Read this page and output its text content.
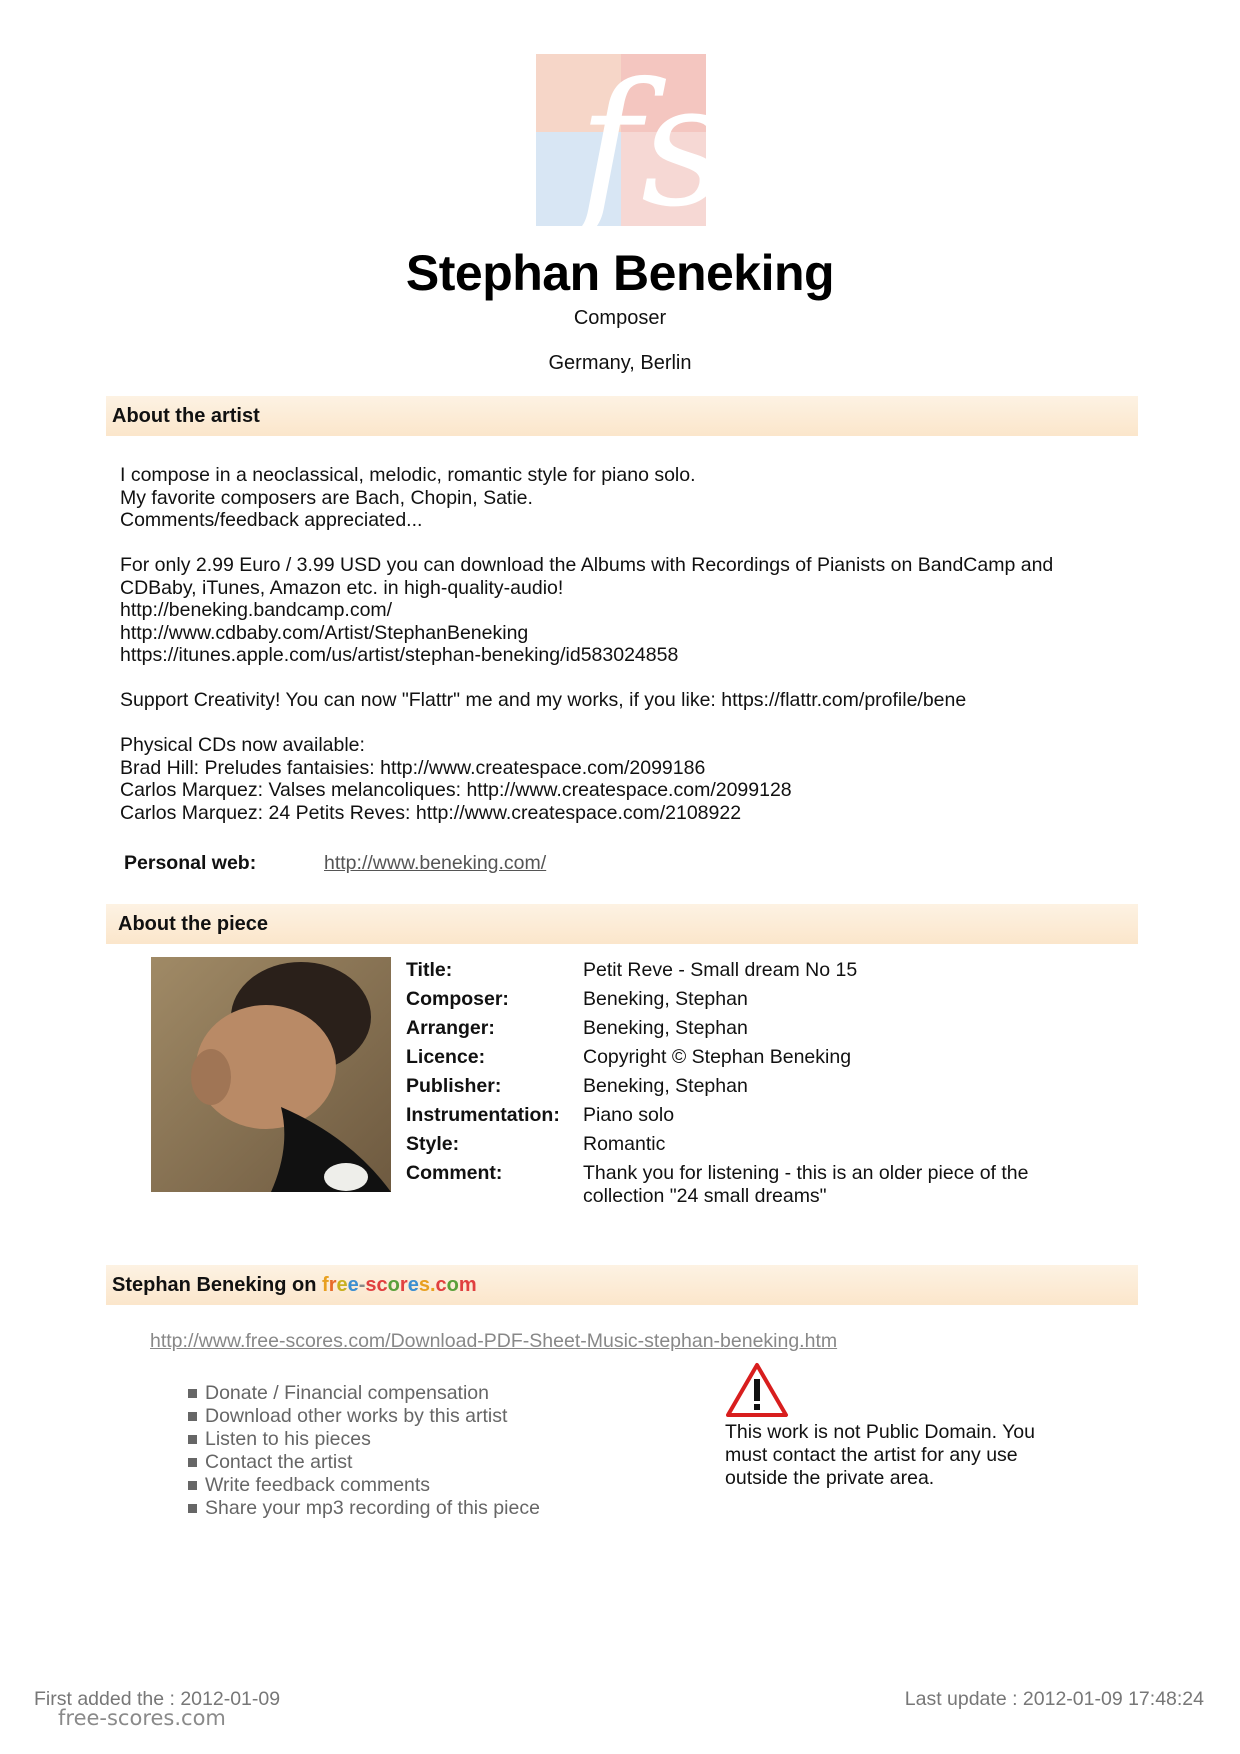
fs
Stephan Beneking
Composer
Germany, Berlin
About the artist
I compose in a neoclassical, melodic, romantic style for piano solo.
My favorite composers are Bach, Chopin, Satie.
Comments/feedback appreciated...
For only 2.99 Euro / 3.99 USD you can download the Albums with Recordings of Pianists on BandCamp and
CDBaby, iTunes, Amazon etc. in high-quality-audio!
http://beneking.bandcamp.com/
http://www.cdbaby.com/Artist/StephanBeneking
https://itunes.apple.com/us/artist/stephan-beneking/id583024858
Support Creativity! You can now "Flattr" me and my works, if you like: https://flattr.com/profile/bene
Physical CDs now available:
Brad Hill: Preludes fantaisies: http://www.createspace.com/2099186
Carlos Marquez: Valses melancoliques: http://www.createspace.com/2099128
Carlos Marquez: 24 Petits Reves: http://www.createspace.com/2108922
Personal web:	http://www.beneking.com/
About the piece
Title:	Petit Reve - Small dream No 15
Composer:	Beneking, Stephan
Arranger:	Beneking, Stephan
Licence:	Copyright © Stephan Beneking
Publisher:	Beneking, Stephan
Instrumentation:	Piano solo
Style:	Romantic
Comment:	Thank you for listening - this is an older piece of the collection "24 small dreams"
Stephan Beneking on free-scores.com
http://www.free-scores.com/Download-PDF-Sheet-Music-stephan-beneking.htm
Donate / Financial compensation
Download other works by this artist
Listen to his pieces
Contact the artist
Write feedback comments
Share your mp3 recording of this piece
This work is not Public Domain. You must contact the artist for any use outside the private area.
First added the : 2012-01-09	Last update : 2012-01-09 17:48:24
free-scores.com
